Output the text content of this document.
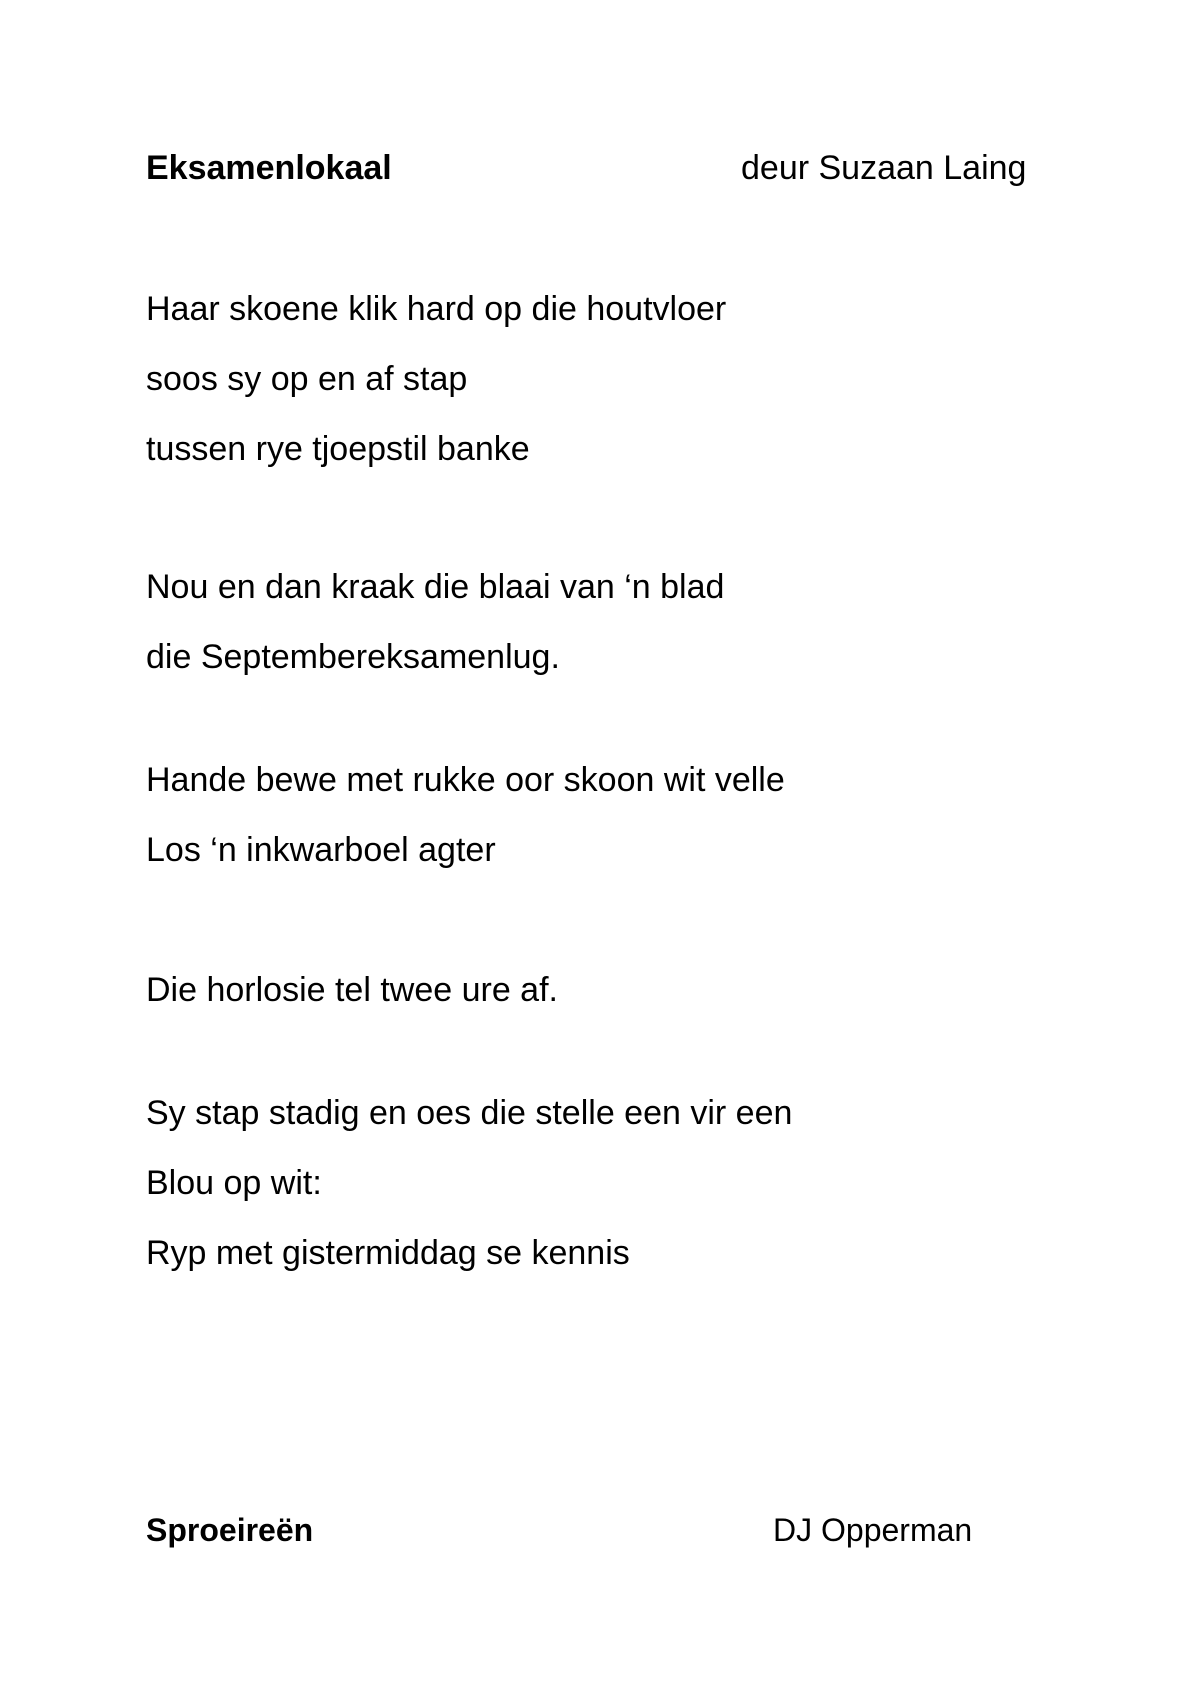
Eksamenlokaal	deur Suzaan Laing
Haar skoene klik hard op die houtvloer
soos sy op en af stap
tussen rye tjoepstil banke
Nou en dan kraak die blaai van ‘n blad
die Septembereksamenlug.
Hande bewe met rukke oor skoon wit velle
Los ‘n inkwarboel agter
Die horlosie tel twee ure af.
Sy stap stadig en oes die stelle een vir een
Blou op wit:
Ryp met gistermiddag se kennis
Sproeireën	DJ Opperman
